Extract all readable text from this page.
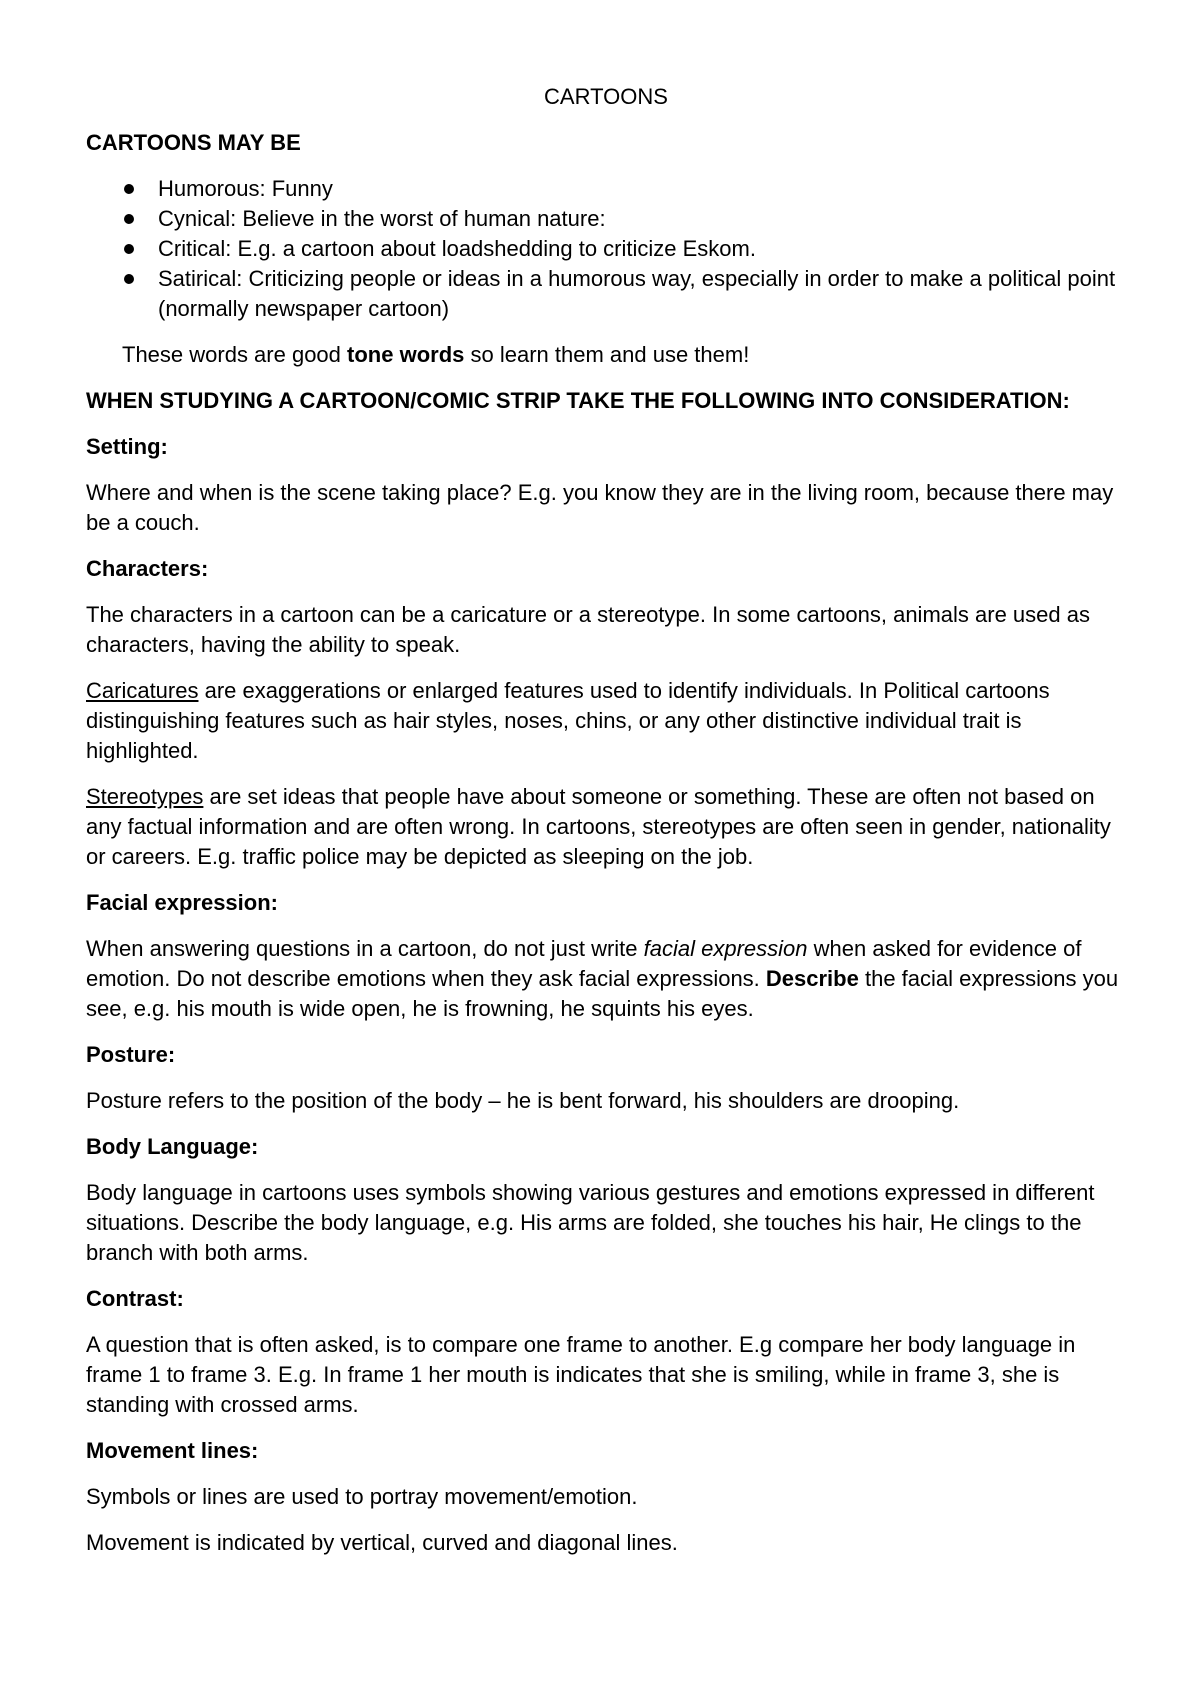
CARTOONS
CARTOONS MAY BE
Humorous: Funny
Cynical: Believe in the worst of human nature:
Critical: E.g. a cartoon about loadshedding to criticize Eskom.
Satirical: Criticizing people or ideas in a humorous way, especially in order to make a political point (normally newspaper cartoon)

These words are good tone words so learn them and use them!

WHEN STUDYING A CARTOON/COMIC STRIP TAKE THE FOLLOWING INTO CONSIDERATION:
Setting:

Where and when is the scene taking place? E.g. you know they are in the living room, because there may be a couch.

Characters:

The characters in a cartoon can be a caricature or a stereotype. In some cartoons, animals are used as characters, having the ability to speak.

Caricatures are exaggerations or enlarged features used to identify individuals. In Political cartoons distinguishing features such as hair styles, noses, chins, or any other distinctive individual trait is highlighted.

Stereotypes are set ideas that people have about someone or something. These are often not based on any factual information and are often wrong. In cartoons, stereotypes are often seen in gender, nationality or careers. E.g. traffic police may be depicted as sleeping on the job.

Facial expression:

When answering questions in a cartoon, do not just write facial expression when asked for evidence of emotion. Do not describe emotions when they ask facial expressions. Describe the facial expressions you see, e.g. his mouth is wide open, he is frowning, he squints his eyes.

Posture:

Posture refers to the position of the body – he is bent forward, his shoulders are drooping.

Body Language:

Body language in cartoons uses symbols showing various gestures and emotions expressed in different situations. Describe the body language, e.g. His arms are folded, she touches his hair, He clings to the branch with both arms.

Contrast:

A question that is often asked, is to compare one frame to another. E.g compare her body language in frame 1 to frame 3. E.g. In frame 1 her mouth is indicates that she is smiling, while in frame 3, she is standing with crossed arms.

Movement lines:

Symbols or lines are used to portray movement/emotion.

Movement is indicated by vertical, curved and diagonal lines.
